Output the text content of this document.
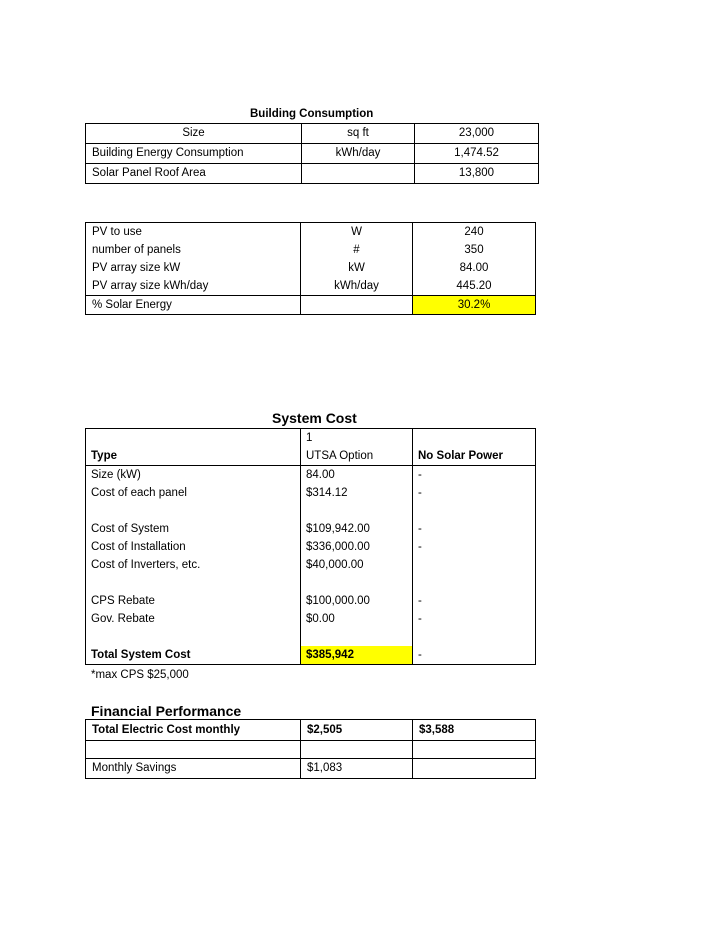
Building Consumption
Size	sq ft	23,000
Building Energy Consumption	kWh/day	1,474.52
Solar Panel Roof Area		13,800
PV to use	W	240
number of panels	#	350
PV array size kW	kW	84.00
PV array size kWh/day	kWh/day	445.20
% Solar Energy		30.2%
System Cost
	1	
Type	UTSA Option	No Solar Power
Size (kW)	84.00	-
Cost of each panel	$314.12	-

Cost of System	$109,942.00	-
Cost of Installation	$336,000.00	-
Cost of Inverters, etc.	$40,000.00	

CPS Rebate	$100,000.00	-
Gov. Rebate	$0.00	-

Total System Cost	$385,942	-
*max CPS $25,000
Financial Performance
Total Electric Cost monthly	$2,505	$3,588

Monthly Savings	$1,083	
